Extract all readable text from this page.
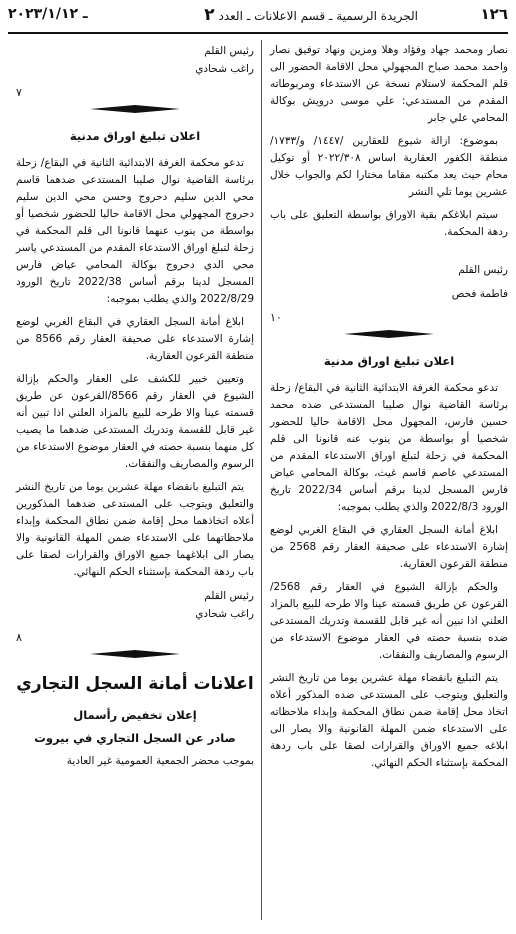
١٢٦
الجريدة الرسمية ـ قسم الاعلانات ـ العدد ٢
ـ ٢٠٢٣/١/١٢

نصار ومحمد جهاد وفؤاد وهلا ومزين ونهاد توفيق نصار واحمد محمد صباح المجهولي محل الاقامة الحضور الى قلم المحكمة لاستلام نسخة عن الاستدعاء ومربوطاته المقدم من المستدعي: علي موسى درويش بوكالة المحامي علي جابر

بموضوع: ازالة شيوع للعقارين /١٤٤٧/ و/١٧٣٣/ منطقة الكفور العقارية اساس ٢٠٢٢/٣٠٨ أو توكيل محام حيث يعد مكتبه مقاما مختارا لكم والجواب خلال عشرين يوما تلي النشر

سيتم ابلاغكم بقية الاوراق بواسطة التعليق على باب ردهة المحكمة.

رئيس القلم
فاطمة فحص
١٠
اعلان تبليغ اوراق مدنية

تدعو محكمة الغرفة الابتدائية الثانية في البقاع/ زحلة برئاسة القاضية نوال صليبا المستدعى ضده محمد حسين فارس، المجهول محل الاقامة حاليا للحضور شخصيا أو بواسطة من ينوب عنه قانونا الى قلم المحكمة في زحلة لتبلغ اوراق الاستدعاء المقدم من المستدعي عاصم قاسم غيث، بوكالة المحامي عياض فارس المسجل لدينا برقم أساس 2022/34 تاريخ الورود 2022/8/3 والذي يطلب بموجبه:

ابلاغ أمانة السجل العقاري في البقاع الغربي لوضع إشارة الاستدعاء على صحيفة العقار رقم 2568 من منطقة القرعون العقارية.

والحكم بإزالة الشيوع في العقار رقم 2568/ القرعون عن طريق قسمته عينا والا طرحه للبيع بالمزاد العلني اذا تبين أنه غير قابل للقسمة وتدريك المستدعى ضده بنسبة حصته في العقار موضوع الاستدعاء من الرسوم والمصاريف والنفقات.

يتم التبليغ بانقضاء مهلة عشرين يوما من تاريخ النشر والتعليق ويتوجب على المستدعى ضده المذكور أعلاه اتخاذ محل إقامة ضمن نطاق المحكمة وإبداء ملاحظاته على الاستدعاء ضمن المهلة القانونية والا يصار الى ابلاغه جميع الاوراق والقرارات لصقا على باب ردهة المحكمة بإستثناء الحكم النهائي.

رئيس القلم
راغب شحادي
٧
اعلان تبليغ اوراق مدنية

تدعو محكمة الغرفة الابتدائية الثانية في البقاع/ زحلة برئاسة القاضية نوال صليبا المستدعى ضدهما قاسم محي الدين سليم دحروج وحسن محي الدين سليم دحروج المجهولي محل الاقامة حاليا للحضور شخصيا أو بواسطة من ينوب عنهما قانونا الى قلم المحكمة في زحلة لتبلغ اوراق الاستدعاء المقدم من المستدعي ياسر محي الدي دحروج بوكالة المحامي عياض فارس المسجل لدينا برقم أساس 2022/38 تاريخ الورود 2022/8/29 والذي يطلب بموجبه:

ابلاغ أمانة السجل العقاري في البقاع الغربي لوضع إشارة الاستدعاء على صحيفة العقار رقم 8566 من منطقة القرعون العقارية.

وتعيين خبير للكشف على العقار والحكم بإزالة الشيوع في العقار رقم 8566/القرعون عن طريق قسمته عينا والا طرحه للبيع بالمزاد العلني اذا تبين أنه غير قابل للقسمة وتدريك المستدعى ضدهما ما يصيب كل منهما بنسبة حصته في العقار موضوع الاستدعاء من الرسوم والمصاريف والنفقات.

يتم التبليغ بانقضاء مهلة عشرين يوما من تاريخ النشر والتعليق ويتوجب على المستدعى ضدهما المذكورين أعلاه اتخاذهما محل إقامة ضمن نطاق المحكمة وإبداء ملاحظاتهما على الاستدعاء ضمن المهلة القانونية والا يصار الى ابلاغهما جميع الاوراق والقرارات لصقا على باب ردهة المحكمة بإستثناء الحكم النهائي.

رئيس القلم
راغب شحادي
٨
اعلانات أمانة السجل التجاري
إعلان تخفيض رأسمال
صادر عن السجل التجاري في بيروت

بموجب محضر الجمعية العمومية غير العادية
